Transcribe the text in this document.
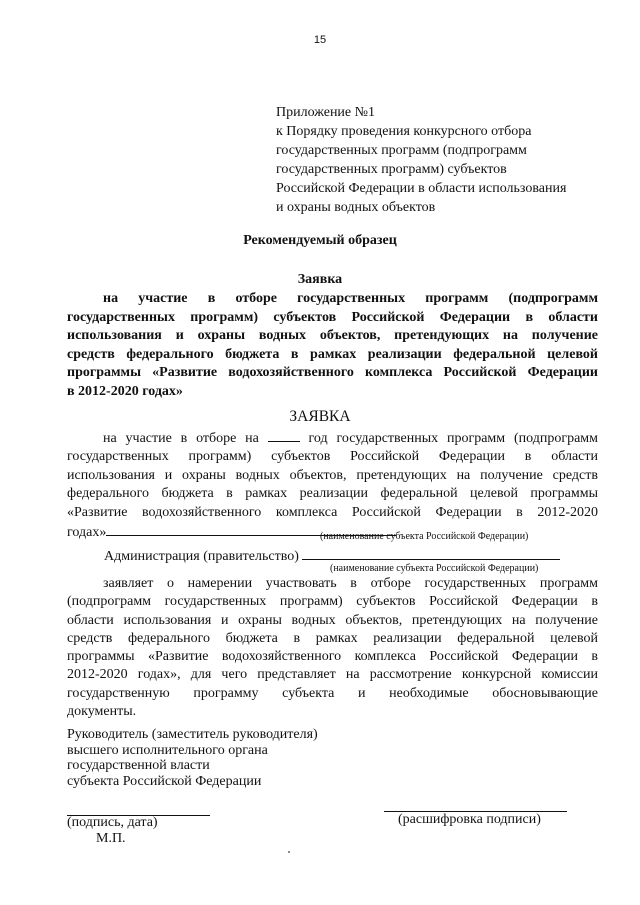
15
Приложение №1
к Порядку проведения конкурсного отбора
государственных программ (подпрограмм
государственных программ) субъектов
Российской Федерации в области использования
и охраны водных объектов
Рекомендуемый образец
Заявка
на участие в отборе государственных программ (подпрограмм
государственных программ) субъектов Российской Федерации в области
использования и охраны водных объектов, претендующих на получение
средств федерального бюджета в рамках реализации федеральной целевой
программы «Развитие водохозяйственного комплекса Российской Федерации
в 2012-2020 годах»
ЗАЯВКА
на участие в отборе на	год государственных программ (подпрограмм
государственных программ) субъектов Российской Федерации в области
использования и охраны водных объектов, претендующих на получение средств
федерального бюджета в рамках реализации федеральной целевой программы
«Развитие водохозяйственного комплекса Российской Федерации в 2012-2020
годах»	(наименование субъекта Российской Федерации)
Администрация (правительство)
(наименование субъекта Российской Федерации)
заявляет о намерении участвовать в отборе государственных программ
(подпрограмм государственных программ) субъектов Российской Федерации в
области использования и охраны водных объектов, претендующих на получение
средств федерального бюджета в рамках реализации федеральной целевой
программы «Развитие водохозяйственного комплекса Российской Федерации в
2012-2020 годах», для чего представляет на рассмотрение конкурсной комиссии
государственную программу субъекта и необходимые обосновывающие
документы.
Руководитель (заместитель руководителя)
высшего исполнительного органа
государственной власти
субъекта Российской Федерации
(подпись, дата)	(расшифровка подписи)
М.П.
